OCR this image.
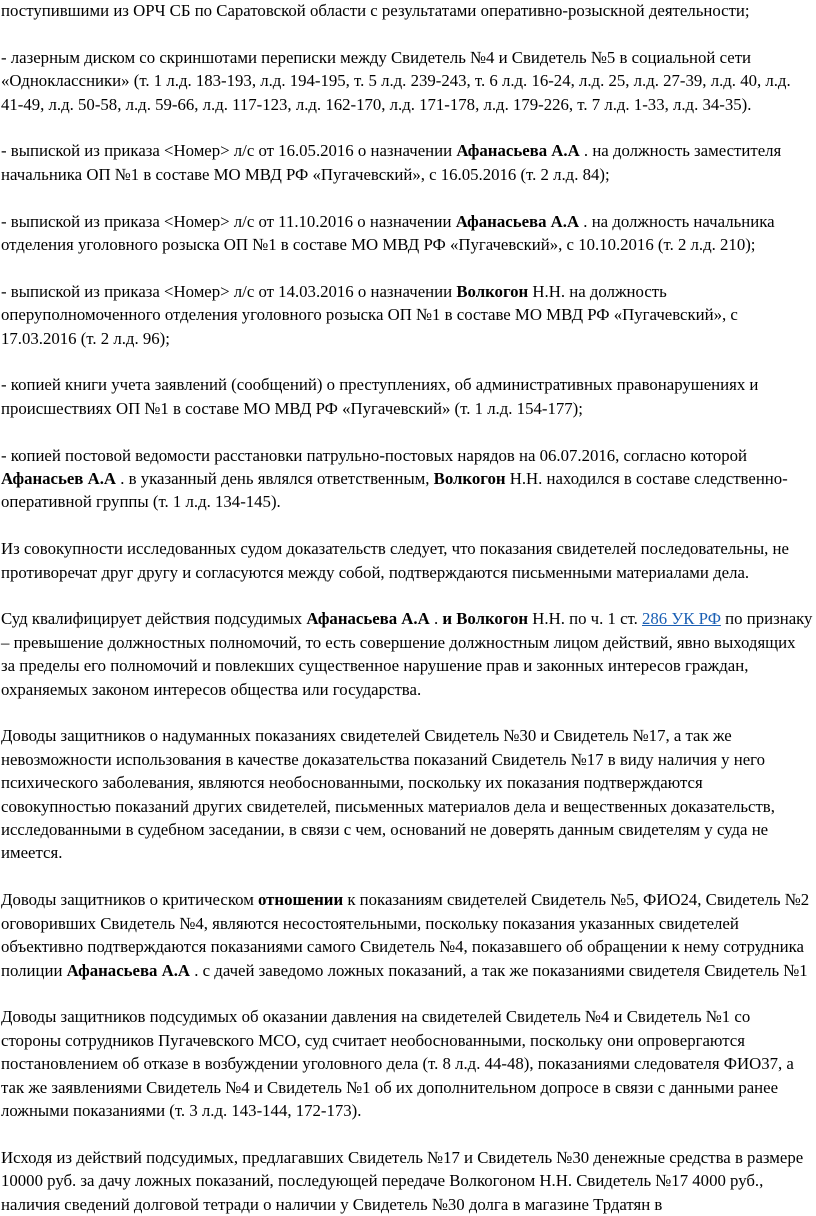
поступившими из ОРЧ СБ по Саратовской области с результатами оперативно-розыскной деятельности;

- лазерным диском со скриншотами переписки между Свидетель №4 и Свидетель №5 в социальной сети «Одноклассники» (т. 1 л.д. 183-193, л.д. 194-195, т. 5 л.д. 239-243, т. 6 л.д. 16-24, л.д. 25, л.д. 27-39, л.д. 40, л.д. 41-49, л.д. 50-58, л.д. 59-66, л.д. 117-123, л.д. 162-170, л.д. 171-178, л.д. 179-226, т. 7 л.д. 1-33, л.д. 34-35).

- выпиской из приказа <Номер> л/с от 16.05.2016 о назначении Афанасьева А.А . на должность заместителя начальника ОП №1 в составе МО МВД РФ «Пугачевский», с 16.05.2016 (т. 2 л.д. 84);

- выпиской из приказа <Номер> л/с от 11.10.2016 о назначении Афанасьева А.А . на должность начальника отделения уголовного розыска ОП №1 в составе МО МВД РФ «Пугачевский», с 10.10.2016 (т. 2 л.д. 210);

- выпиской из приказа <Номер> л/с от 14.03.2016 о назначении Волкогон Н.Н. на должность оперуполномоченного отделения уголовного розыска ОП №1 в составе МО МВД РФ «Пугачевский», с 17.03.2016 (т. 2 л.д. 96);

- копией книги учета заявлений (сообщений) о преступлениях, об административных правонарушениях и происшествиях ОП №1 в составе МО МВД РФ «Пугачевский» (т. 1 л.д. 154-177);

- копией постовой ведомости расстановки патрульно-постовых нарядов на 06.07.2016, согласно которой Афанасьев А.А . в указанный день являлся ответственным, Волкогон Н.Н. находился в составе следственно-оперативной группы (т. 1 л.д. 134-145).

Из совокупности исследованных судом доказательств следует, что показания свидетелей последовательны, не противоречат друг другу и согласуются между собой, подтверждаются письменными материалами дела.

Суд квалифицирует действия подсудимых Афанасьева А.А . и Волкогон Н.Н. по ч. 1 ст. 286 УК РФ по признаку – превышение должностных полномочий, то есть совершение должностным лицом действий, явно выходящих за пределы его полномочий и повлекших существенное нарушение прав и законных интересов граждан, охраняемых законом интересов общества или государства.

Доводы защитников о надуманных показаниях свидетелей Свидетель №30 и Свидетель №17, а так же невозможности использования в качестве доказательства показаний Свидетель №17 в виду наличия у него психического заболевания, являются необоснованными, поскольку их показания подтверждаются совокупностью показаний других свидетелей, письменных материалов дела и вещественных доказательств, исследованными в судебном заседании, в связи с чем, оснований не доверять данным свидетелям у суда не имеется.

Доводы защитников о критическом отношении к показаниям свидетелей Свидетель №5, ФИО24, Свидетель №2 оговоривших Свидетель №4, являются несостоятельными, поскольку показания указанных свидетелей объективно подтверждаются показаниями самого Свидетель №4, показавшего об обращении к нему сотрудника полиции Афанасьева А.А . с дачей заведомо ложных показаний, а так же показаниями свидетеля Свидетель №1

Доводы защитников подсудимых об оказании давления на свидетелей Свидетель №4 и Свидетель №1 со стороны сотрудников Пугачевского МСО, суд считает необоснованными, поскольку они опровергаются постановлением об отказе в возбуждении уголовного дела (т. 8 л.д. 44-48), показаниями следователя ФИО37, а так же заявлениями Свидетель №4 и Свидетель №1 об их дополнительном допросе в связи с данными ранее ложными показаниями (т. 3 л.д. 143-144, 172-173).

Исходя из действий подсудимых, предлагавших Свидетель №17 и Свидетель №30 денежные средства в размере 10000 руб. за дачу ложных показаний, последующей передаче Волкогоном Н.Н. Свидетель №17 4000 руб., наличия сведений долговой тетради о наличии у Свидетель №30 долга в магазине Трдатян в
